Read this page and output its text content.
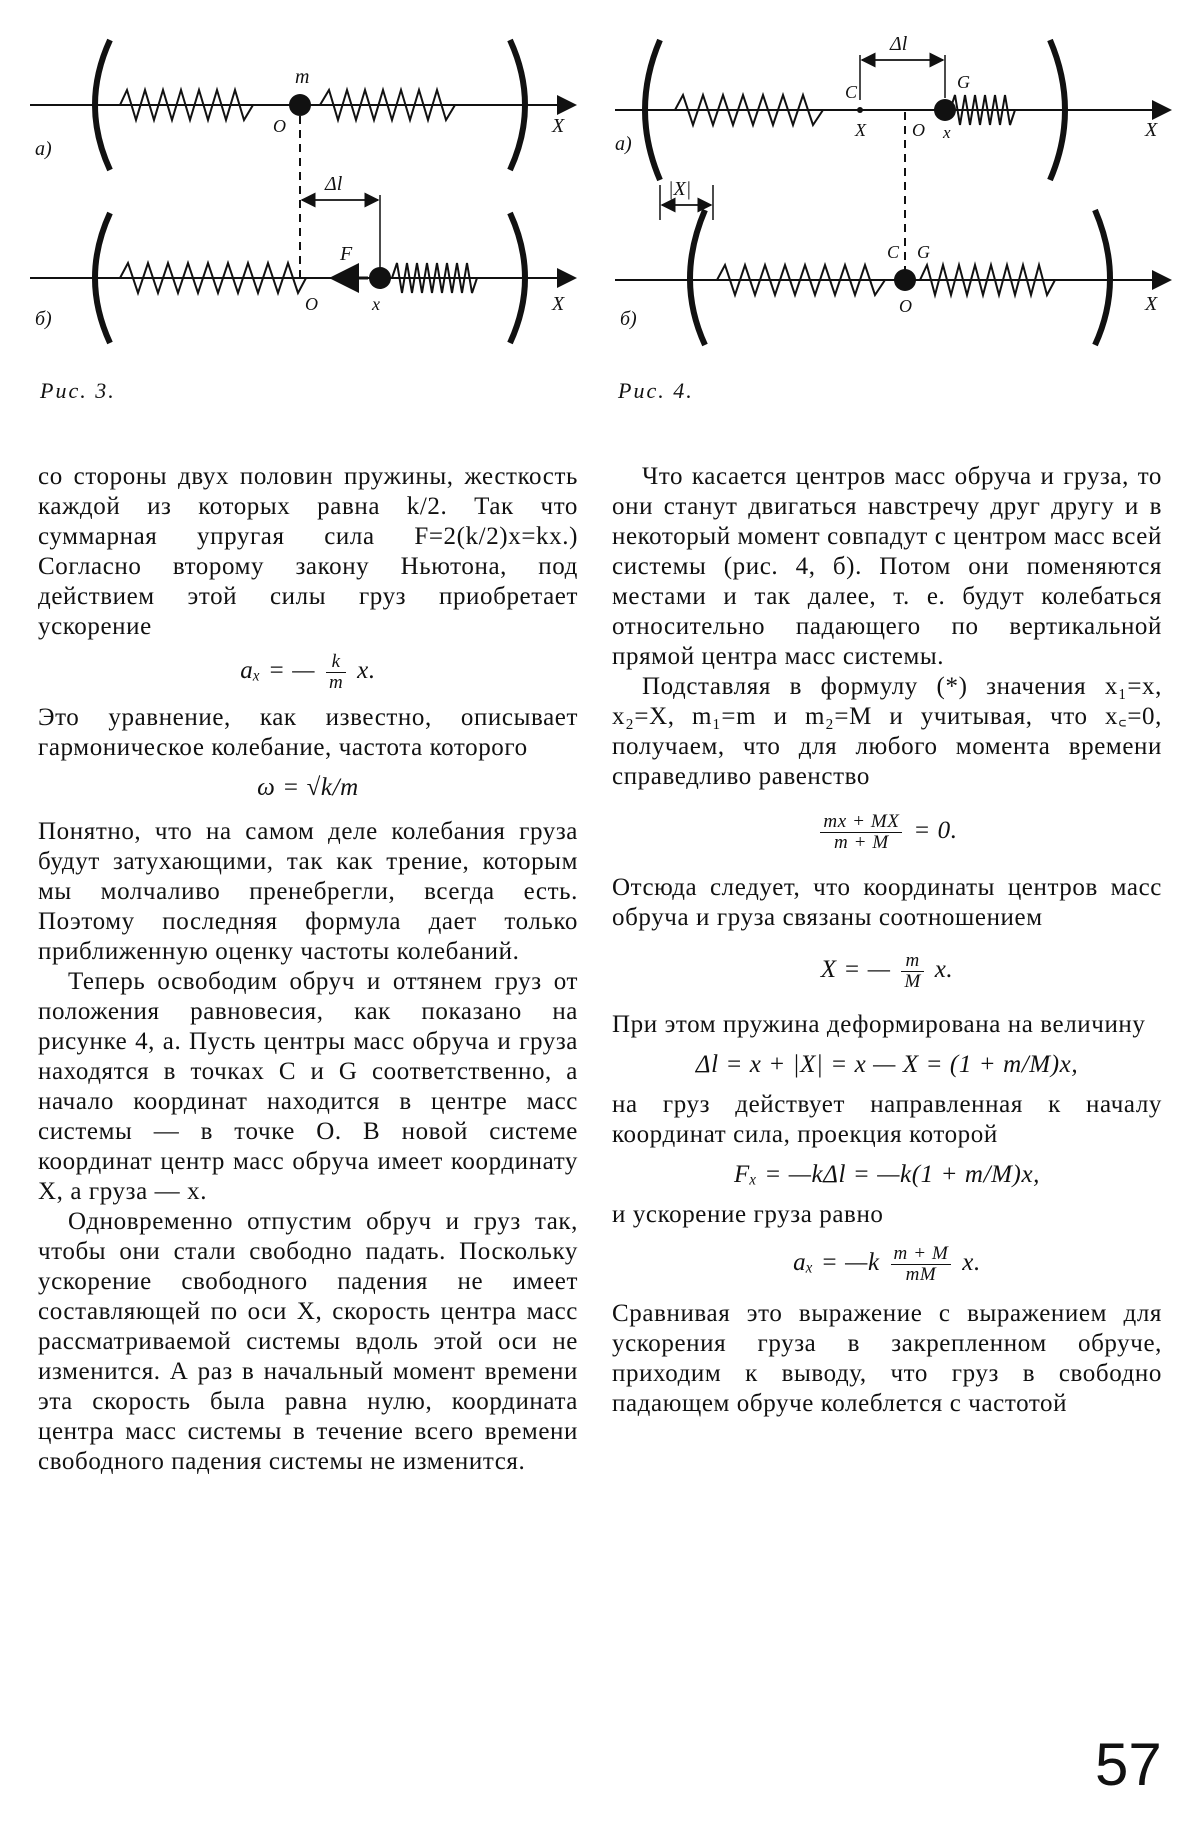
m
O	X
а)
F
Δl
O	x	X
б)
Рис. 3.
Δl
C	G
X	O x	X
а)
|X|
C G
O	X
б)
Рис. 4.

со стороны двух половин пружины, жесткость каждой из которых равна k/2. Так что суммарная упругая сила F=2(k/2)x=kx.) Согласно второму закону Ньютона, под действием этой силы груз приобретает ускорение

aₓ = — $\frac{k}{m} x$.

Это уравнение, как известно, описывает гармоническое колебание, частота которого

ω = √k/m

Понятно, что на самом деле колебания груза будут затухающими, так как трение, которым мы молчаливо пренебрегли, всегда есть. Поэтому последняя формула дает только приближенную оценку частоты колебаний.

Теперь освободим обруч и оттянем груз от положения равновесия, как показано на рисунке 4, а. Пусть центры масс обруча и груза находятся в точках C и G соответственно, а начало координат находится в центре масс системы — в точке O. В новой системе координат центр масс обруча имеет координату X, а груза — x.

Одновременно отпустим обруч и груз так, чтобы они стали свободно падать. Поскольку ускорение свободного падения не имеет составляющей по оси X, скорость центра масс рассматриваемой системы вдоль этой оси не изменится. А раз в начальный момент времени эта скорость была равна нулю, координата центра масс системы в течение всего времени свободного падения системы не изменится.

Что касается центров масс обруча и груза, то они станут двигаться навстречу друг другу и в некоторый момент совпадут с центром масс всей системы (рис. 4, б). Потом они поменяются местами и так далее, т. е. будут колебаться относительно падающего по вертикальной прямой центра масс системы.

Подставляя в формулу (*) значения x₁=x, x₂=X, m₁=m и m₂=M и учитывая, что x꜀=0, получаем, что для любого момента времени справедливо равенство

$\frac{mx + MX}{m + M} = 0$.

Отсюда следует, что координаты центров масс обруча и груза связаны соотношением

X = — $\frac{m}{M} x$.

При этом пружина деформирована на величину

Δl = x + |X| = x — X = (1 + m/M)x,

на груз действует направленная к началу координат сила, проекция которой

Fₓ = —kΔl = —k(1 + m/M)x,

и ускорение груза равно

aₓ = —k $\frac{m + M}{mM} x$.

Сравнивая это выражение с выражением для ускорения груза в закрепленном обруче, приходим к выводу, что груз в свободно падающем обруче колеблется с частотой

57
